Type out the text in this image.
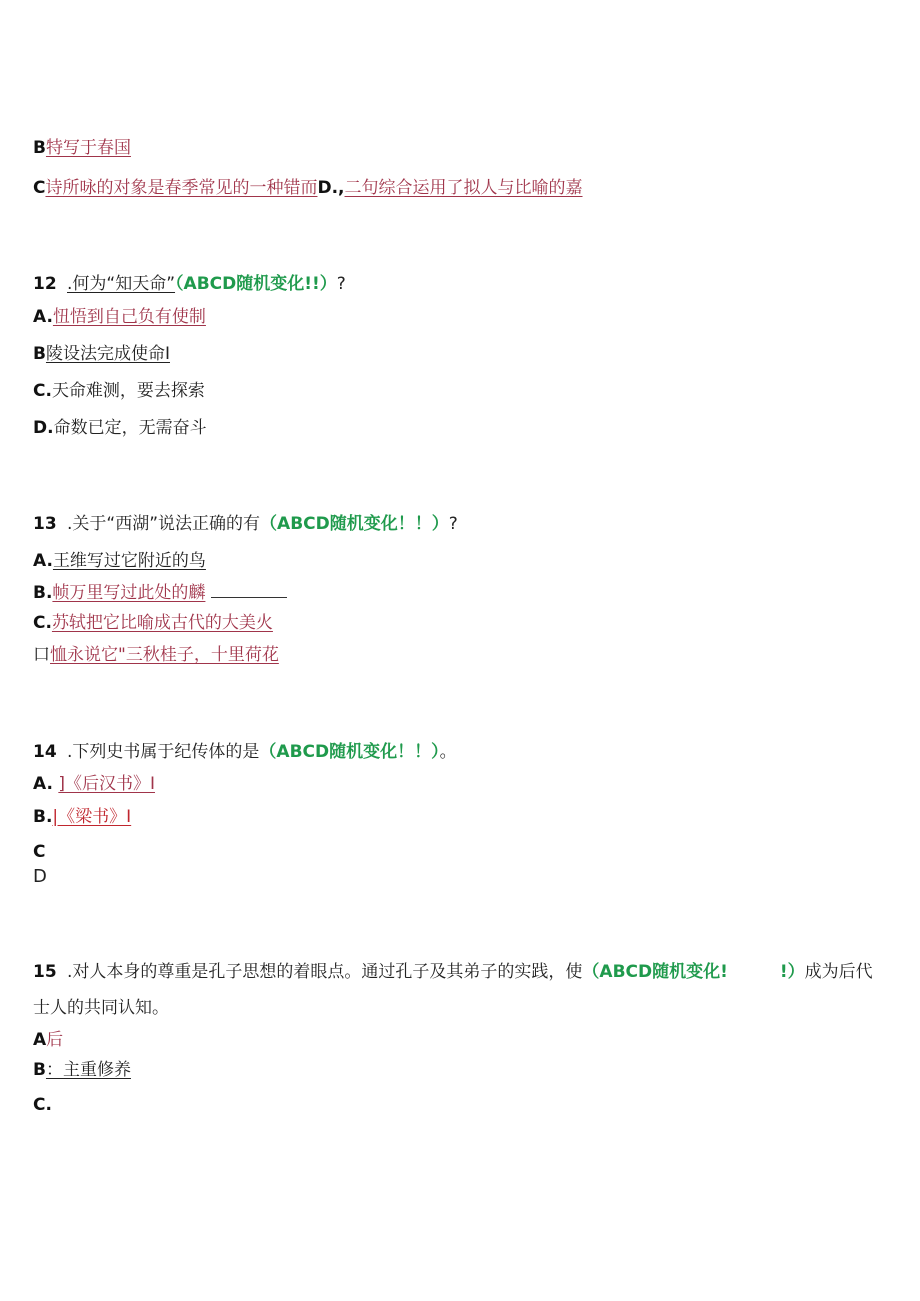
B特写于春国
C诗所咏的对象是春季常见的一种错而D.,二句综合运用了拟人与比喻的嘉
12 .何为“知天命”（ABCD随机变化!!）?
A.忸悟到自己负有使制
B陵设法完成使命I
C.天命难测，要去探索
D.命数已定，无需奋斗
13 .关于“西湖”说法正确的有（ABCD随机变化！！）?
A.王维写过它附近的鸟
B.帧万里写过此处的麟
C.苏轼把它比喻成古代的大美火
口恤永说它"三秋桂子，十里荷花
14 .下列史书属于纪传体的是（ABCD随机变化！！）。
A. ]《后汉书》I
B.|《梁书》I
C
D
15 .对人本身的尊重是孔子思想的着眼点。通过孔子及其弟子的实践，使（ABCD随机变化!	!）成为后代
士人的共同认知。
A后
B：主重修养
C.
